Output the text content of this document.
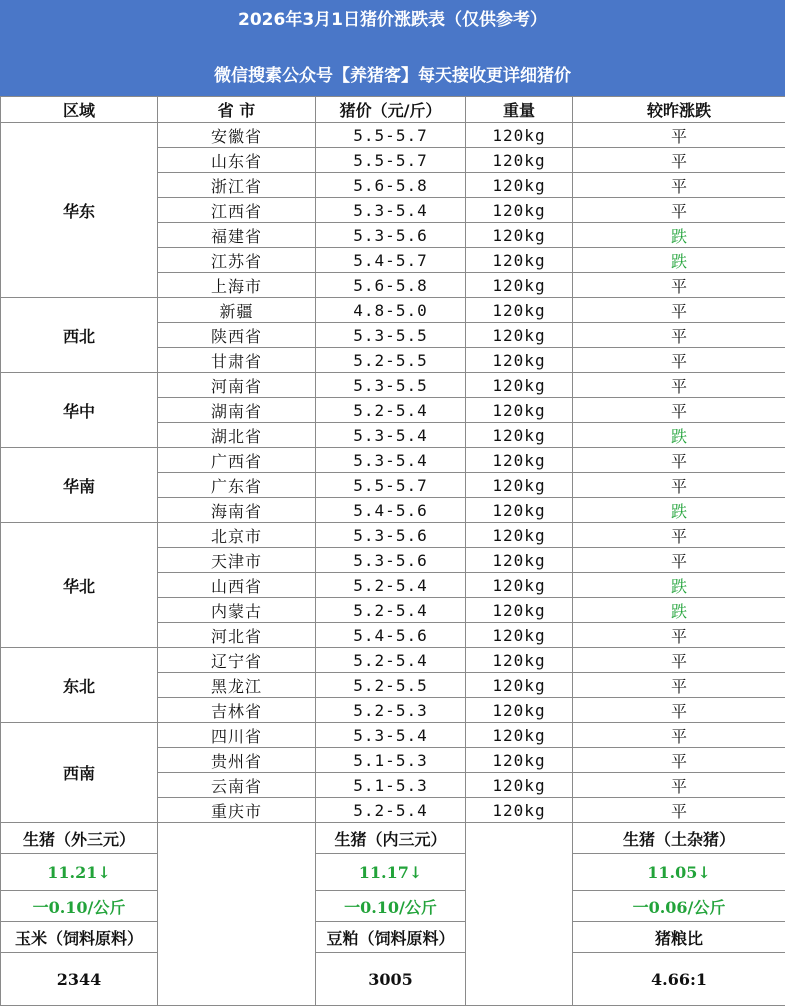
2026年3月1日猪价涨跌表（仅供参考）
微信搜素公众号【养猪客】每天接收更详细猪价
区域	省 市	猪价（元/斤）	重量	较昨涨跌
华东	安徽省	5.5-5.7	120kg	平
	山东省	5.5-5.7	120kg	平
	浙江省	5.6-5.8	120kg	平
	江西省	5.3-5.4	120kg	平
	福建省	5.3-5.6	120kg	跌
	江苏省	5.4-5.7	120kg	跌
	上海市	5.6-5.8	120kg	平
西北	新疆	4.8-5.0	120kg	平
	陕西省	5.3-5.5	120kg	平
	甘肃省	5.2-5.5	120kg	平
华中	河南省	5.3-5.5	120kg	平
	湖南省	5.2-5.4	120kg	平
	湖北省	5.3-5.4	120kg	跌
华南	广西省	5.3-5.4	120kg	平
	广东省	5.5-5.7	120kg	平
	海南省	5.4-5.6	120kg	跌
华北	北京市	5.3-5.6	120kg	平
	天津市	5.3-5.6	120kg	平
	山西省	5.2-5.4	120kg	跌
	内蒙古	5.2-5.4	120kg	跌
	河北省	5.4-5.6	120kg	平
东北	辽宁省	5.2-5.4	120kg	平
	黑龙江	5.2-5.5	120kg	平
	吉林省	5.2-5.3	120kg	平
西南	四川省	5.3-5.4	120kg	平
	贵州省	5.1-5.3	120kg	平
	云南省	5.1-5.3	120kg	平
	重庆市	5.2-5.4	120kg	平
生猪（外三元）		生猪（内三元）		生猪（土杂猪）
11.21↓		11.17↓		11.05↓
一0.10/公斤		一0.10/公斤		一0.06/公斤
玉米（饲料原料）		豆粕（饲料原料）		猪粮比
2344		3005		4.66:1
